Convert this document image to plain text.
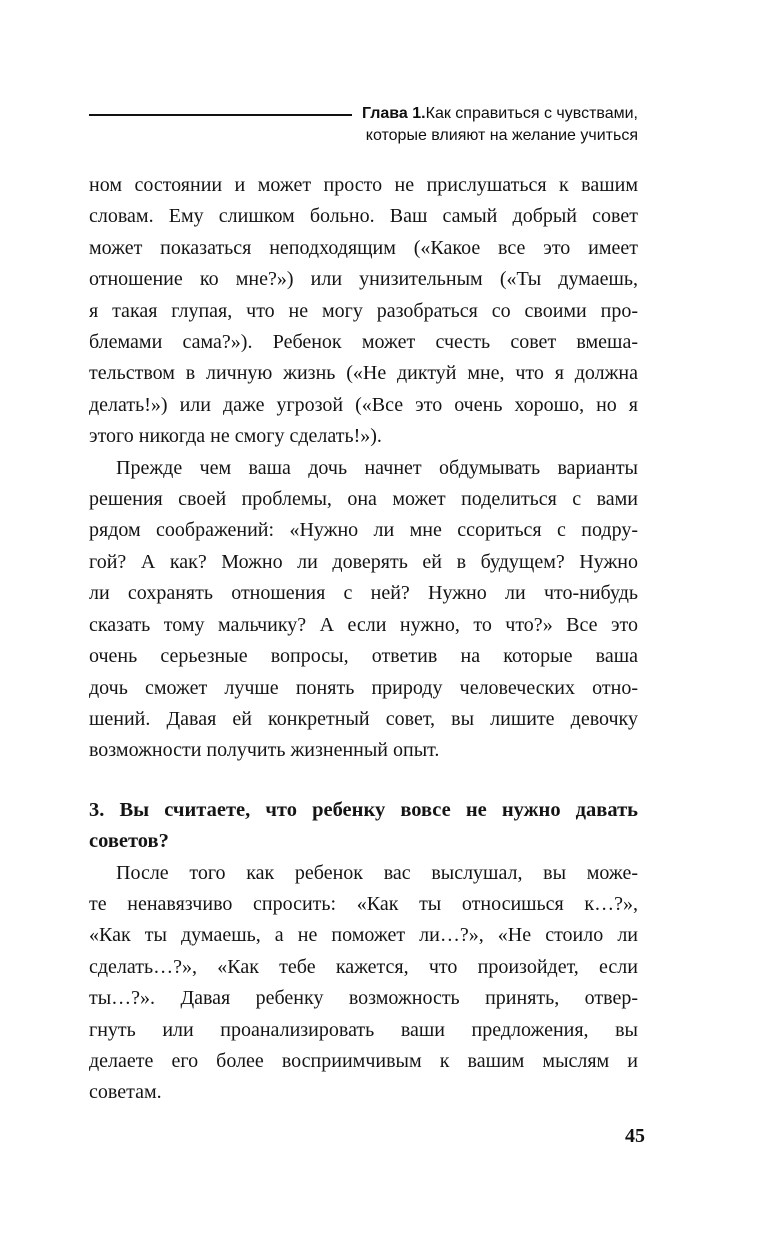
Глава 1. Как справиться с чувствами,
которые влияют на желание учиться
ном состоянии и может просто не прислушаться к вашим
словам. Ему слишком больно. Ваш самый добрый совет
может показаться неподходящим («Какое все это имеет
отношение ко мне?») или унизительным («Ты думаешь,
я такая глупая, что не могу разобраться со своими про-
блемами сама?»). Ребенок может счесть совет вмеша-
тельством в личную жизнь («Не диктуй мне, что я должна
делать!») или даже угрозой («Все это очень хорошо, но я
этого никогда не смогу сделать!»).
Прежде чем ваша дочь начнет обдумывать варианты
решения своей проблемы, она может поделиться с вами
рядом соображений: «Нужно ли мне ссориться с подру-
гой? А как? Можно ли доверять ей в будущем? Нужно
ли сохранять отношения с ней? Нужно ли что-нибудь
сказать тому мальчику? А если нужно, то что?» Все это
очень серьезные вопросы, ответив на которые ваша
дочь сможет лучше понять природу человеческих отно-
шений. Давая ей конкретный совет, вы лишите девочку
возможности получить жизненный опыт.
3. Вы считаете, что ребенку вовсе не нужно давать
советов?
После того как ребенок вас выслушал, вы може-
те ненавязчиво спросить: «Как ты относишься к…?»,
«Как ты думаешь, а не поможет ли…?», «Не стоило ли
сделать…?», «Как тебе кажется, что произойдет, если
ты…?». Давая ребенку возможность принять, отвер-
гнуть или проанализировать ваши предложения, вы
делаете его более восприимчивым к вашим мыслям и
советам.
45
